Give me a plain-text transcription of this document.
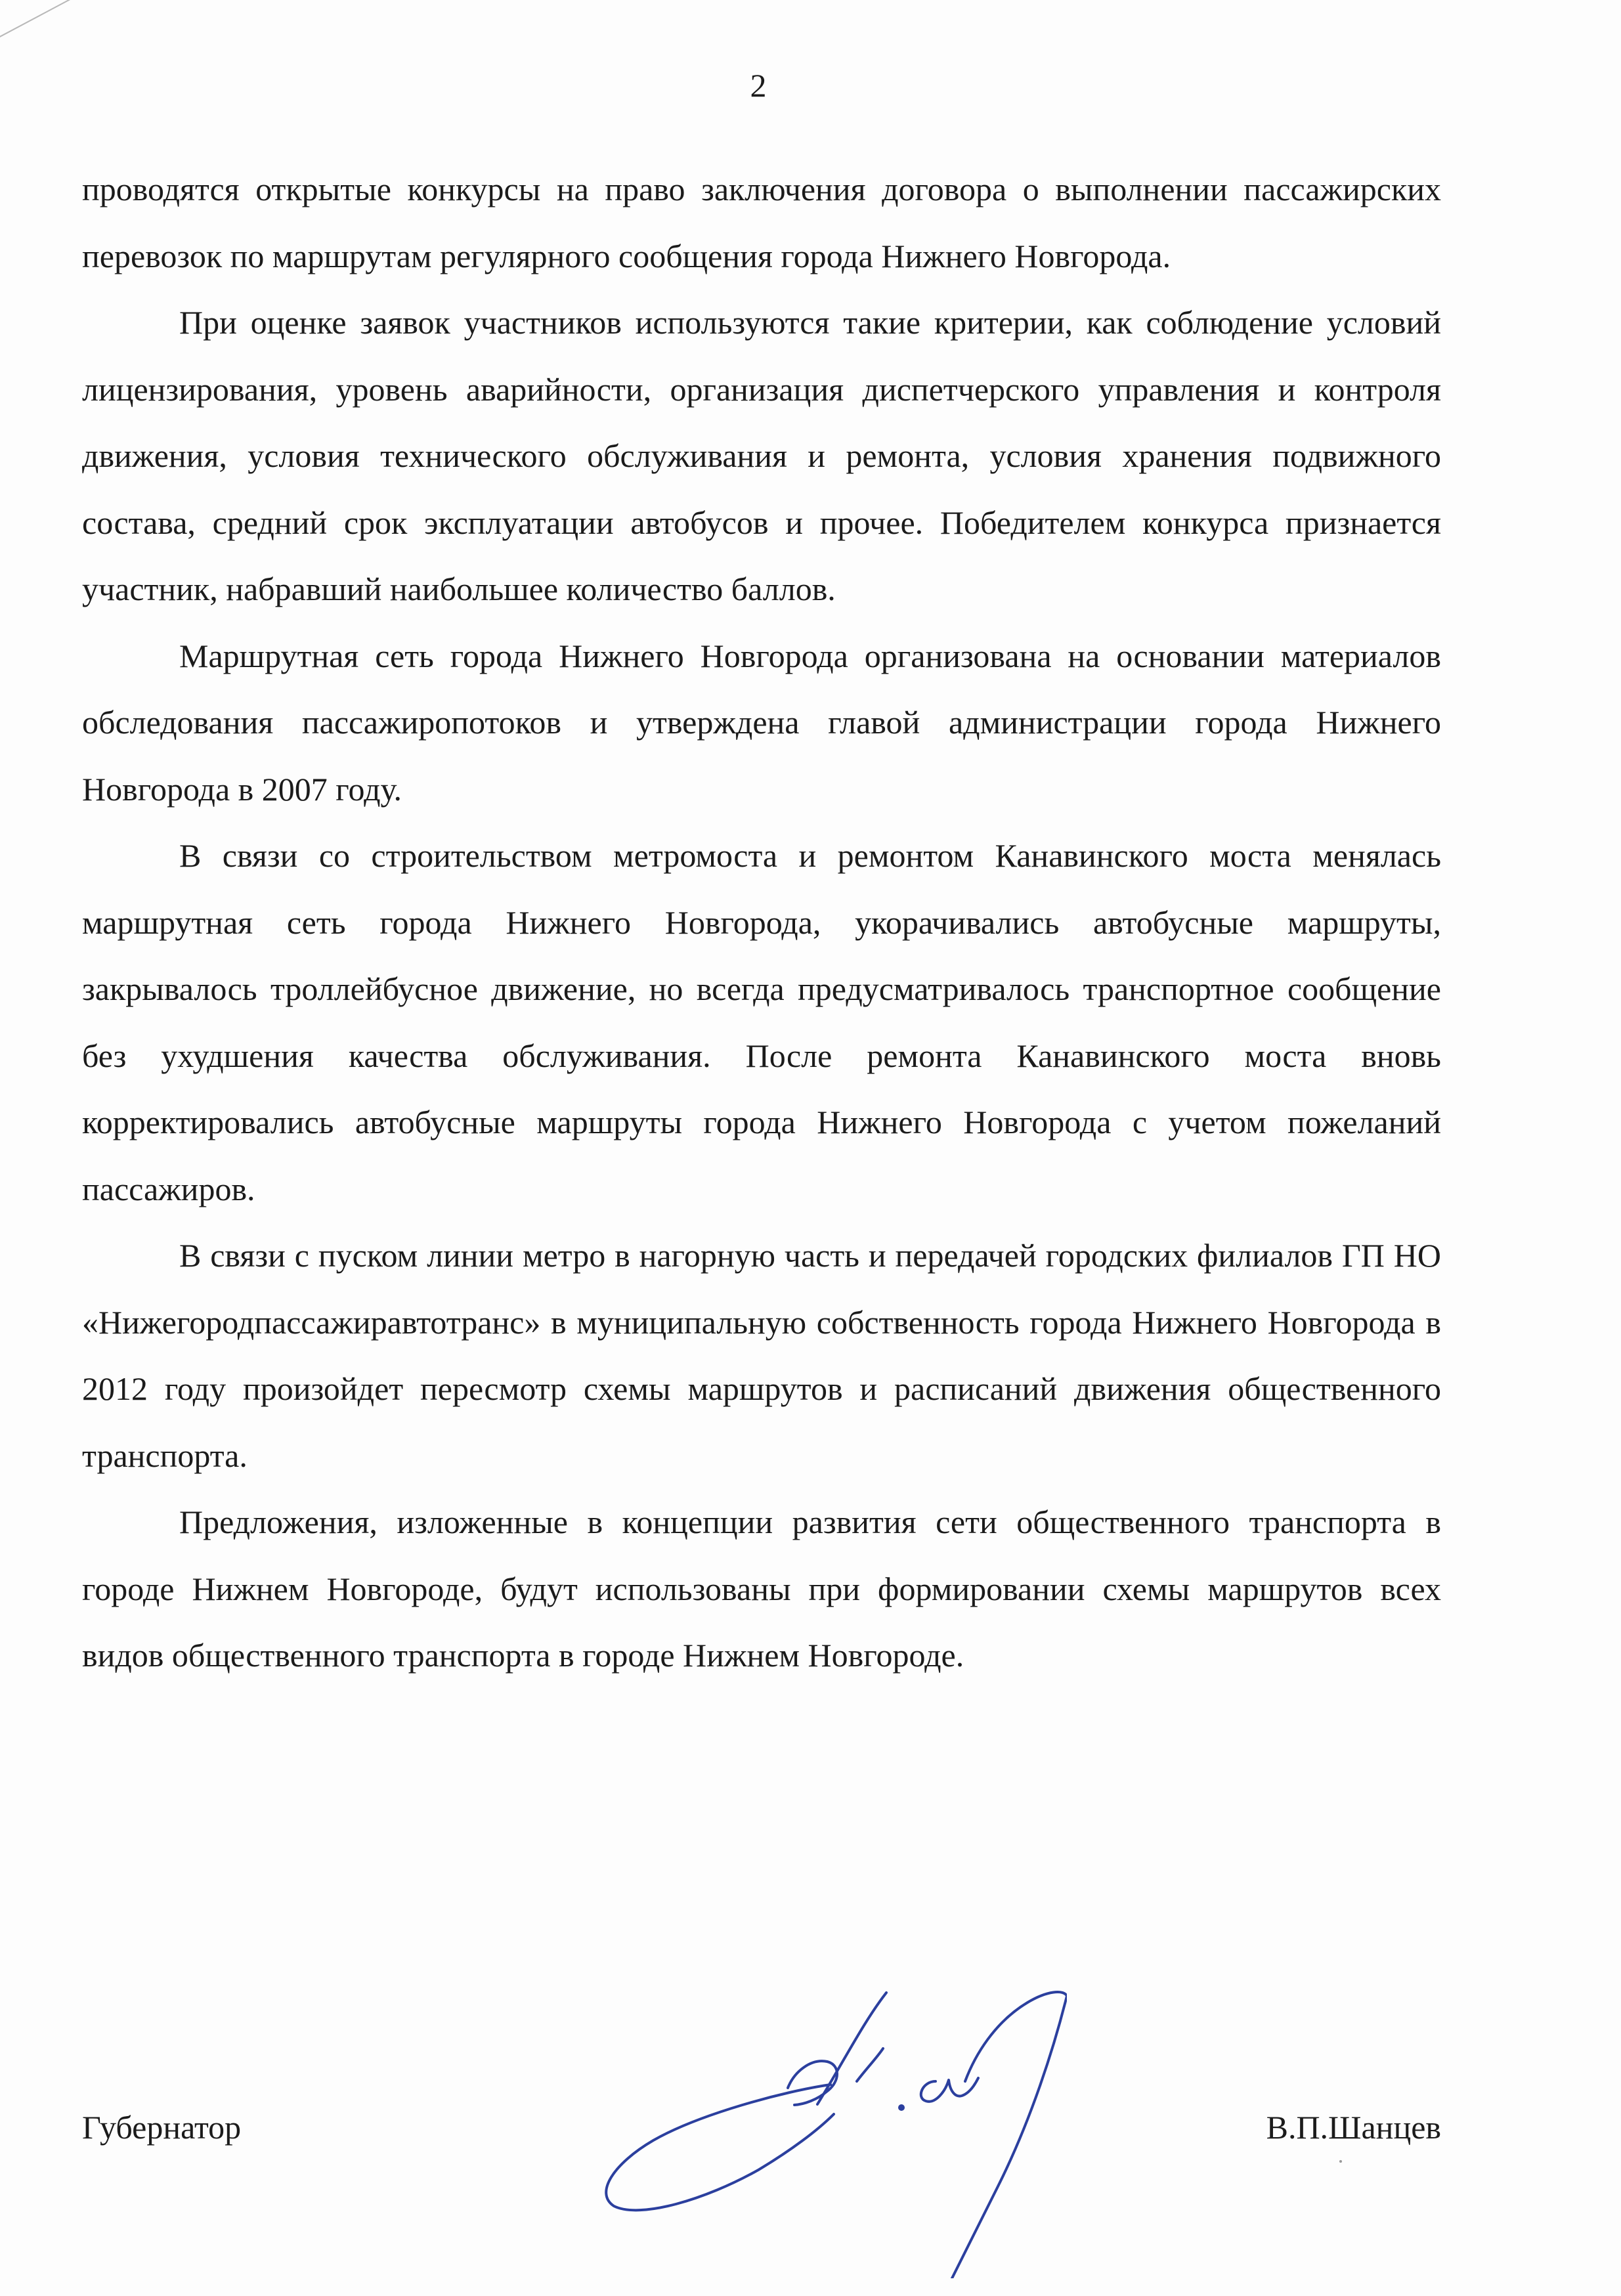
2

проводятся открытые конкурсы на право заключения договора о выполнении пассажирских перевозок по маршрутам регулярного сообщения города Нижнего Новгорода.

При оценке заявок участников используются такие критерии, как соблюдение условий лицензирования, уровень аварийности, организация диспетчерского управления и контроля движения, условия технического обслуживания и ремонта, условия хранения подвижного состава, средний срок эксплуатации автобусов и прочее. Победителем конкурса признается участник, набравший наибольшее количество баллов.

Маршрутная сеть города Нижнего Новгорода организована на основании материалов обследования пассажиропотоков и утверждена главой администрации города Нижнего Новгорода в 2007 году.

В связи со строительством метромоста и ремонтом Канавинского моста менялась маршрутная сеть города Нижнего Новгорода, укорачивались автобусные маршруты, закрывалось троллейбусное движение, но всегда предусматривалось транспортное сообщение без ухудшения качества обслуживания. После ремонта Канавинского моста вновь корректировались автобусные маршруты города Нижнего Новгорода с учетом пожеланий пассажиров.

В связи с пуском линии метро в нагорную часть и передачей городских филиалов ГП НО «Нижегородпассажиравтотранс» в муниципальную собственность города Нижнего Новгорода в 2012 году произойдет пересмотр схемы маршрутов и расписаний движения общественного транспорта.

Предложения, изложенные в концепции развития сети общественного транспорта в городе Нижнем Новгороде, будут использованы при формировании схемы маршрутов всех видов общественного транспорта в городе Нижнем Новгороде.

Губернатор	В.П.Шанцев
